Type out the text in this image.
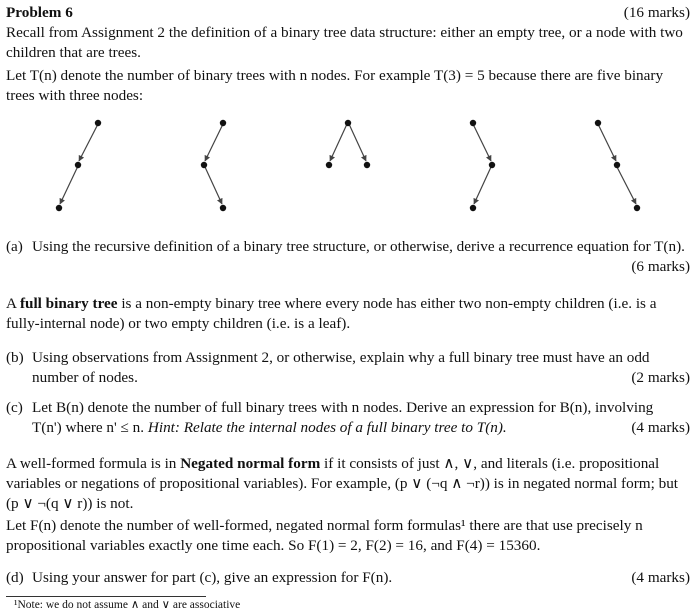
Problem 6	(16 marks)

Recall from Assignment 2 the definition of a binary tree data structure: either an empty tree, or a node with two children that are trees.

Let T(n) denote the number of binary trees with n nodes. For example T(3) = 5 because there are five binary trees with three nodes:

(a) Using the recursive definition of a binary tree structure, or otherwise, derive a recurrence equation for T(n).
(6 marks)

A full binary tree is a non-empty binary tree where every node has either two non-empty children (i.e. is a fully-internal node) or two empty children (i.e. is a leaf).

(b) Using observations from Assignment 2, or otherwise, explain why a full binary tree must have an odd
number of nodes.	(2 marks)
(c) Let B(n) denote the number of full binary trees with n nodes. Derive an expression for B(n), involving
T(n') where n' ≤ n. Hint: Relate the internal nodes of a full binary tree to T(n).	(4 marks)

A well-formed formula is in Negated normal form if it consists of just ∧, ∨, and literals (i.e. propositional variables or negations of propositional variables). For example, (p ∨ (¬q ∧ ¬r)) is in negated normal form; but (p ∨ ¬(q ∨ r)) is not.

Let F(n) denote the number of well-formed, negated normal form formulas¹ there are that use precisely n propositional variables exactly one time each. So F(1) = 2, F(2) = 16, and F(4) = 15360.

(d) Using your answer for part (c), give an expression for F(n).	(4 marks)
¹Note: we do not assume ∧ and ∨ are associative
